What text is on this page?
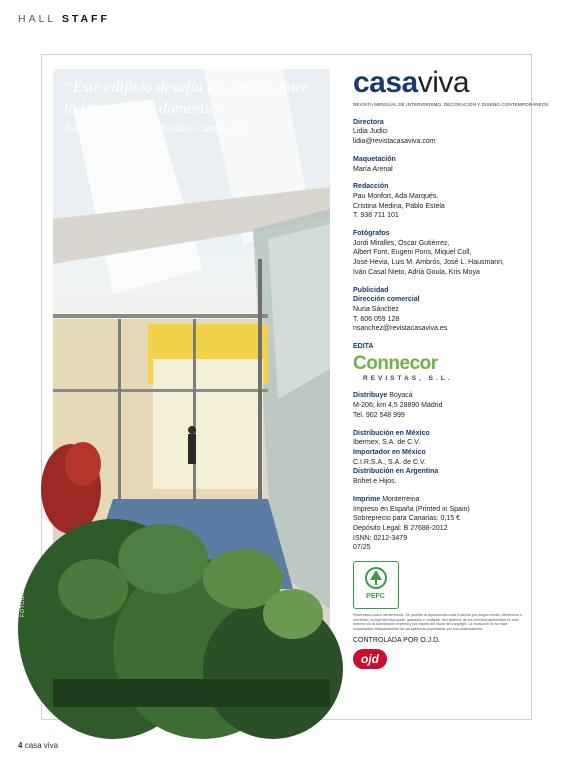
HALL STAFF
“Este edificio desafía los límites entre lo laboral y lo doméstico”.
Julio Cano, Bárbara Bardin, Canobardin.
FOTOGRAFÍA IMAGEN SUBLIMINAL
casaviva
REVISTA MENSUAL DE INTERIORISMO, DECORACIÓN Y DISEÑO CONTEMPORÁNEOS
Directora
Lidia Judici
lidia@revistacasaviva.com
Maquetación
María Arenal
Redacción
Pau Monfort, Ada Marqués,
Cristina Medina, Pablo Estela
T. 938 711 101
Fotógrafos
Jordi Miralles, Óscar Gutiérrez,
Albert Font, Eugeni Pons, Miquel Coll,
José Hevia, Luis M. Ambrós, José L. Hausmann,
Iván Casal Nieto, Adrià Goula, Kris Moya
Publicidad
Dirección comercial
Nuria Sánchez
T. 606 059 128
nsanchez@revistacasaviva.es
EDITA
Connecor
REVISTAS, S.L.
Distribuye Boyacá
M-206; km 4,5 28890 Madrid
Tel. 902 548 999
Distribución en México
Ibermex, S.A. de C.V.
Importador en México
C.I.R.S.A., S.A. de C.V.
Distribución en Argentina
Brihet e Hijos.
Imprime Monterreina
Impreso en España (Printed in Spain)
Sobreprecio para Canarias: 0,15 €
Depósito Legal: B 27688-2012
ISNN: 0212-3479
07/25
PEFC
Reservados todos los derechos. Se prohíbe la reproducción total o parcial por ningún medio, electrónico o mecánico, incluyendo fotocopias, grabados o cualquier otro sistema, de los artículos aparecidos en este número sin la autorización expresa y por escrito del titular del copyright. La redacción no se hace responsable necesariamente de las opiniones expresadas por sus colaboradores.
CONTROLADA POR O.J.D.
ojd
4 casa viva
